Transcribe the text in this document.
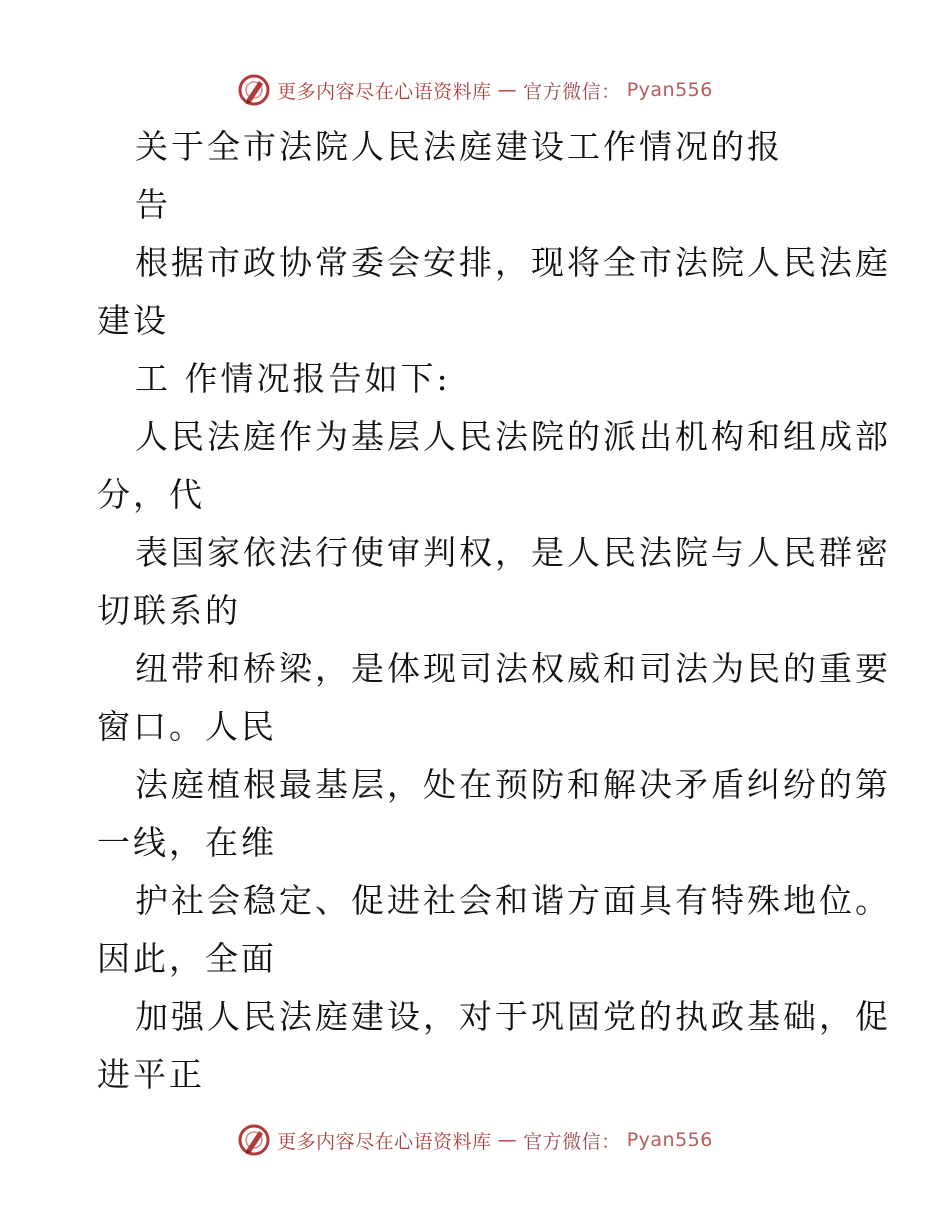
更多内容尽在心语资料库 — 官方微信： Pyan556
关于全市法院人民法庭建设工作情况的报
告
根据市政协常委会安排，现将全市法院人民法庭
建设
工 作情况报告如下:
人民法庭作为基层人民法院的派出机构和组成部
分，代
表国家依法行使审判权，是人民法院与人民群密
切联系的
纽带和桥梁，是体现司法权威和司法为民的重要
窗口。人民
法庭植根最基层，处在预防和解决矛盾纠纷的第
一线，在维
护社会稳定、促进社会和谐方面具有特殊地位。
因此，全面
加强人民法庭建设，对于巩固党的执政基础，促
进平正
更多内容尽在心语资料库 — 官方微信： Pyan556
